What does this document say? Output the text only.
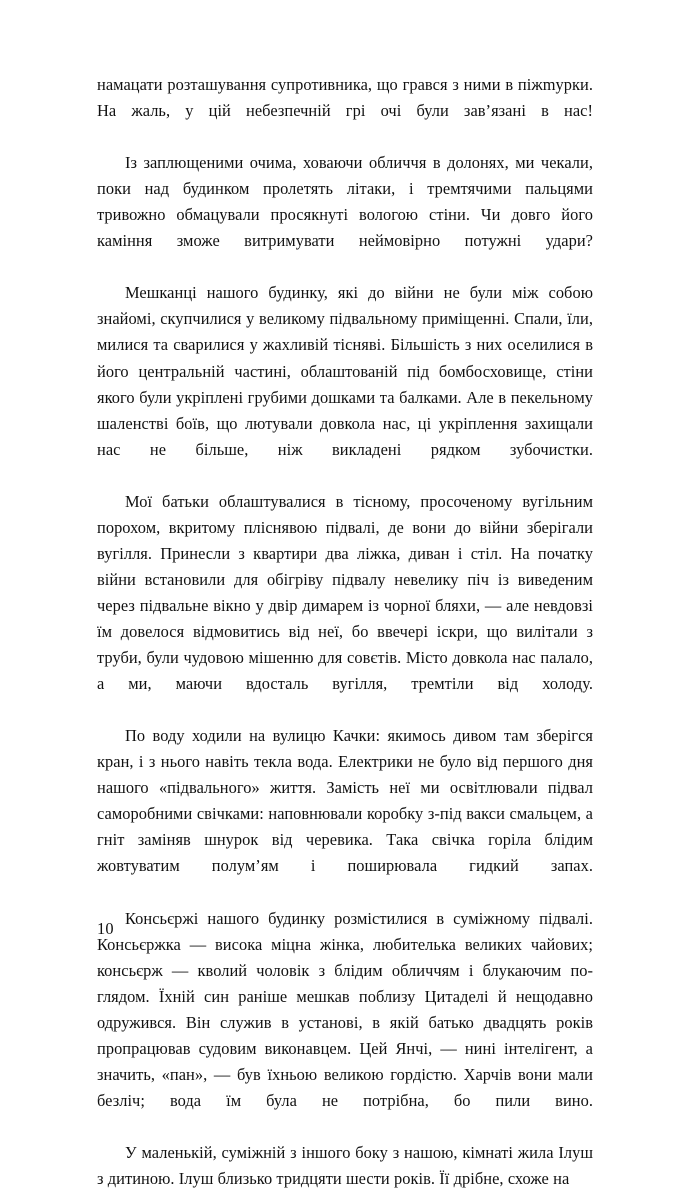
намацати розташування супротивника, що грався з ними в піжmурки. На жаль, у цій небезпечній грі очі були зав’язані в нас!

Із заплющеними очима, ховаючи обличчя в долонях, ми чекали, поки над будинком пролетять літаки, і тремтячими пальцями тривожно обмацували просякнуті вологою стіни. Чи довго його каміння зможе витримувати неймовірно потужні удари?

Мешканці нашого будинку, які до війни не були між собою знайомі, скупчилися у великому підвальному приміщенні. Спали, їли, милися та сварилися у жахливій тісняві. Більшість з них оселилися в його центральній частині, облаштованій під бомбосховище, стіни якого були укріплені грубими дошками та балками. Але в пекельному шаленстві боїв, що лютували довкола нас, ці укріплення захищали нас не більше, ніж викладені рядком зубочистки.

Мої батьки облаштувалися в тісному, просоченому вугільним порохом, вкритому пліснявою підвалі, де вони до війни зберігали вугілля. Принесли з квартири два ліжка, диван і стіл. На початку війни встановили для обігріву підвалу невелику піч із виведеним через підвальне вікно у двір димарем із чорної бляхи, — але невдовзі їм довелося відмовитись від неї, бо ввечері іскри, що вилітали з труби, були чудовою мішенню для совєтів. Місто довкола нас палало, а ми, маючи вдосталь вугілля, тремтіли від холоду.

По воду ходили на вулицю Качки: якимось дивом там зберігся кран, і з нього навіть текла вода. Електрики не було від першого дня нашого «підвального» життя. Замість неї ми освітлювали підвал саморобними свічками: наповнювали коробку з-під вакси смальцем, а гніт заміняв шнурок від черевика. Така свічка горіла блідим жовтуватим полум’ям і поширювала гидкий запах.

Консьєржі нашого будинку розмістилися в суміжному підвалі. Консьєржка — висока міцна жінка, любителька великих чайових; консьєрж — кволий чоловік з блідим обличчям і блукаючим поглядом. Їхній син раніше мешкав поблизу Цитаделі й нещодавно одружився. Він служив в установі, в якій батько двадцять років пропрацював судовим виконавцем. Цей Янчі, — нині інтелігент, а значить, «пан», — був їхньою великою гордістю. Харчів вони мали безліч; вода їм була не потрібна, бо пили вино.

У маленькій, суміжній з іншого боку з нашою, кімнаті жила Ілуш з дитиною. Ілуш близько тридцяти шести років. Її дрібне, схоже на

10
